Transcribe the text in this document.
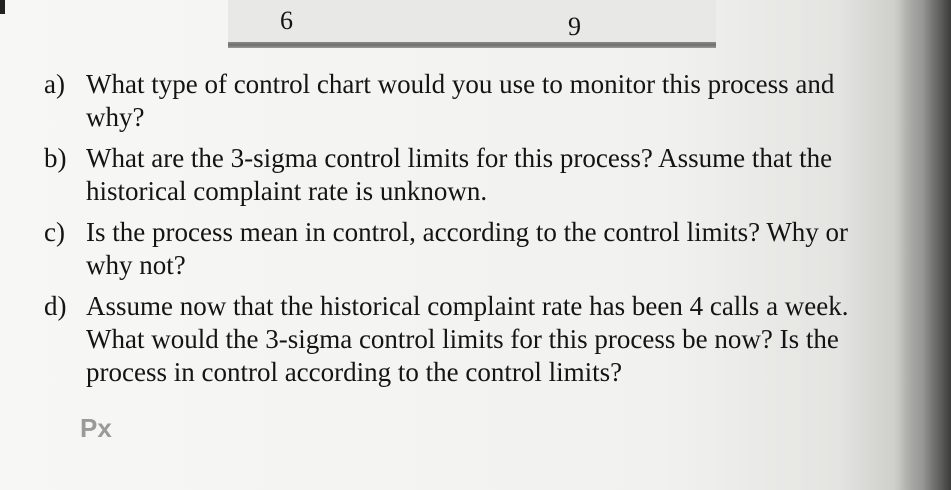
6	9
a) What type of control chart would you use to monitor this process and why?
b) What are the 3-sigma control limits for this process? Assume that the historical complaint rate is unknown.
c) Is the process mean in control, according to the control limits? Why or why not?
d) Assume now that the historical complaint rate has been 4 calls a week. What would the 3-sigma control limits for this process be now? Is the process in control according to the control limits?
Px
